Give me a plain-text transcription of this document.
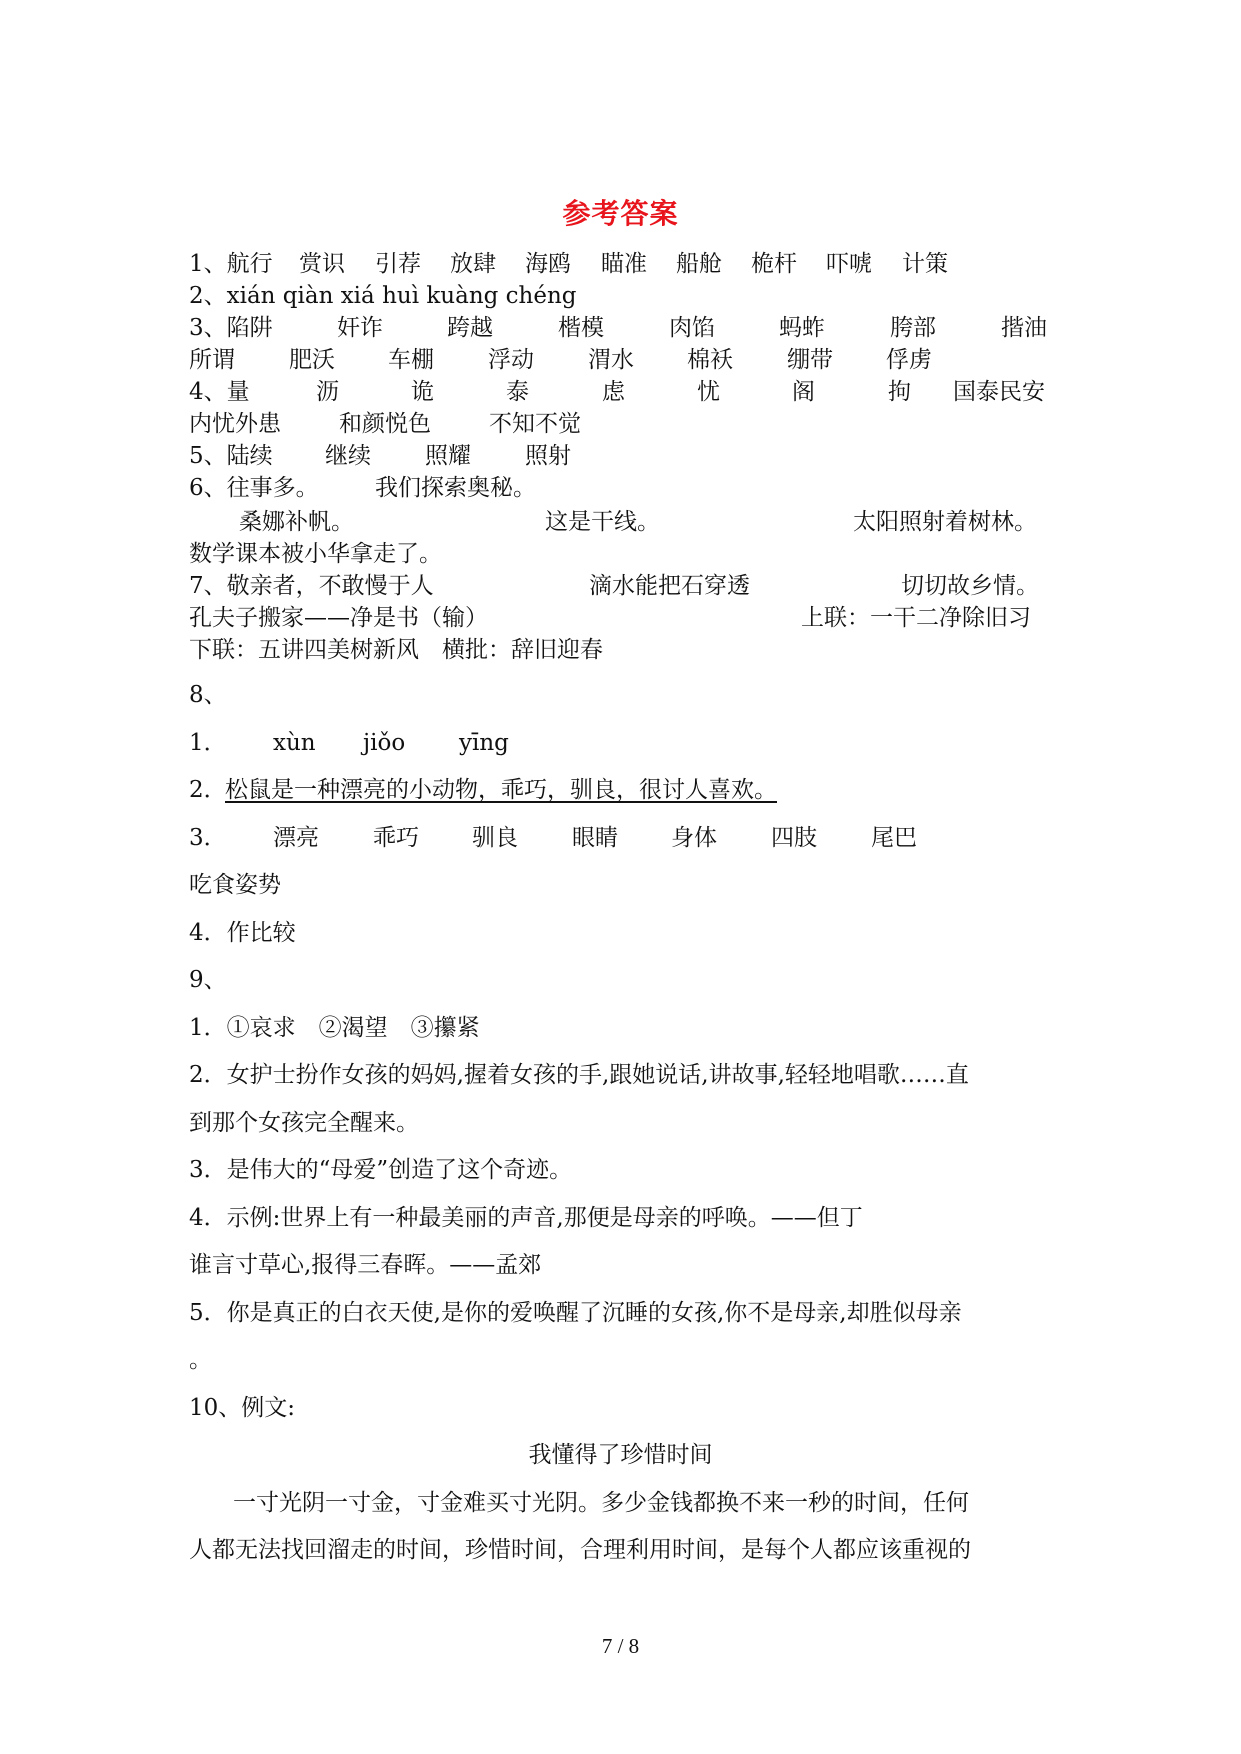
参考答案
1、航行 赏识 引荐 放肆 海鸥 瞄准 船舱 桅杆 吓唬 计策
2、xián qiàn xiá huì kuàng chéng
3、陷阱	奸诈	跨越	楷模	肉馅	蚂蚱	胯部	揩油
所谓 肥沃 车棚 浮动 渭水 棉袄 绷带 俘虏
4、量	沥	诡	泰	虑	忧	阁	拘 国泰民安
内忧外患	和颜悦色	不知不觉
5、陆续 继续 照耀 照射
6、往事多。 我们探索奥秘。
桑娜补帆。	这是干线。	太阳照射着树林。
数学课本被小华拿走了。
7、敬亲者，不敢慢于人	滴水能把石穿透	切切故乡情。
孔夫子搬家——净是书（输）	上联：一干二净除旧习
下联：五讲四美树新风　横批：辞旧迎春
8、
1． xùn jiǒo yīng
2．
松鼠是一种漂亮的小动物，乖巧，驯良，很讨人喜欢。
3． 漂亮 乖巧 驯良 眼睛 身体 四肢 尾巴
吃食姿势
4．作比较
9、
1．①哀求　②渴望　③攥紧
2．女护士扮作女孩的妈妈,握着女孩的手,跟她说话,讲故事,轻轻地唱歌……直
到那个女孩完全醒来。
3．是伟大的“母爱”创造了这个奇迹。
4．示例:世界上有一种最美丽的声音,那便是母亲的呼唤。——但丁
谁言寸草心,报得三春晖。——孟郊
5．你是真正的白衣天使,是你的爱唤醒了沉睡的女孩,你不是母亲,却胜似母亲
。
10、例文:
我懂得了珍惜时间
一寸光阴一寸金，寸金难买寸光阴。多少金钱都换不来一秒的时间，任何
人都无法找回溜走的时间，珍惜时间，合理利用时间，是每个人都应该重视的
7 / 8
